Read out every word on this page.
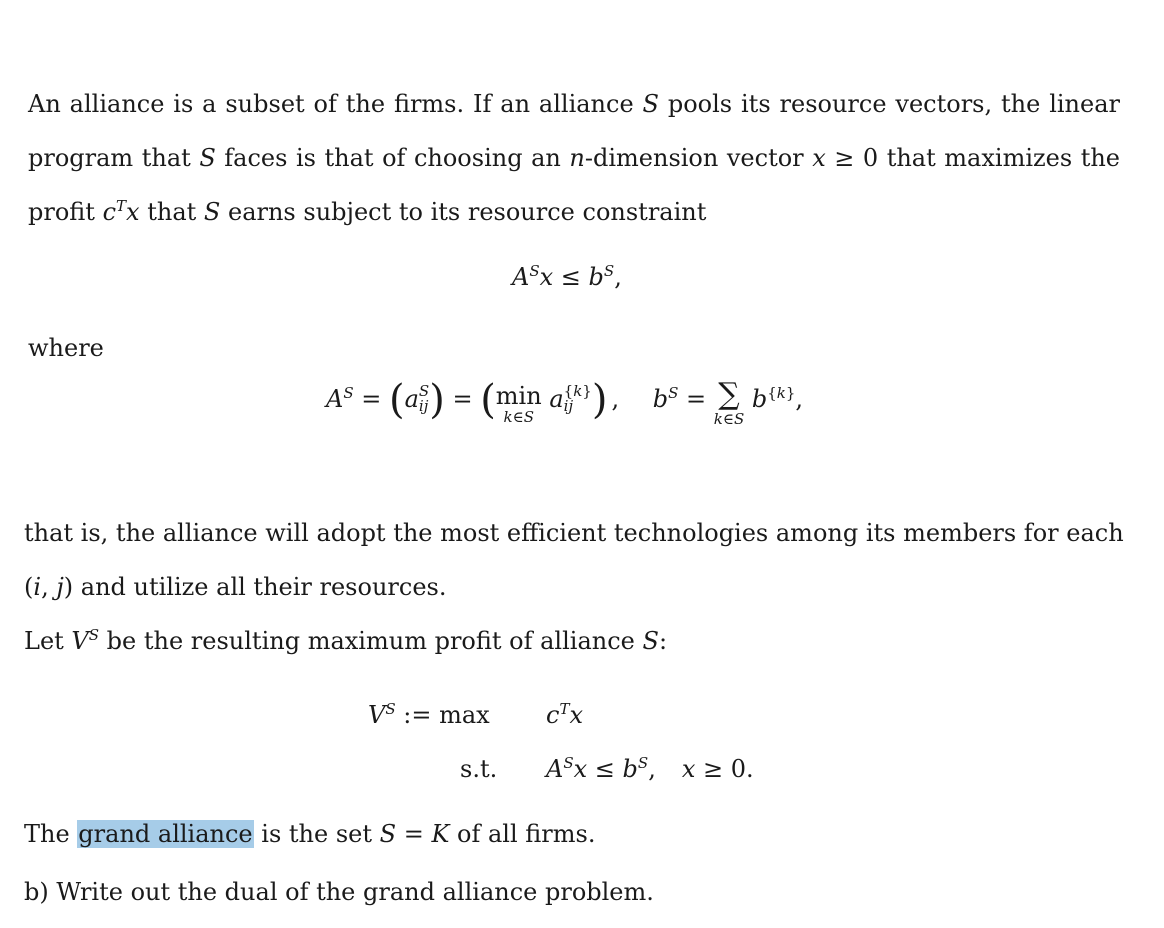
An alliance is a subset of the firms. If an alliance S pools its resource vectors, the linear
program that S faces is that of choosing an n-dimension vector x ≥ 0 that maximizes the
profit $c^Tx$ that S earns subject to its resource constraint
$A^Sx \le b^S$,
where
$A^S = (a$ S
ij ) = (min
k∈S
a {k}
ij ) , $b^S$ = ∑
k∈S
$b^{\{k\}}$,
that is, the alliance will adopt the most efficient technologies among its members for each
(i, j) and utilize all their resources.
Let $V^S$ be the resulting maximum profit of alliance S:
$V^S$ := $\max c^Tx$
s.t. $A^Sx \le b^S$, x ≥ 0.
The grand alliance is the set S = K of all firms.
b) Write out the dual of the grand alliance problem.
